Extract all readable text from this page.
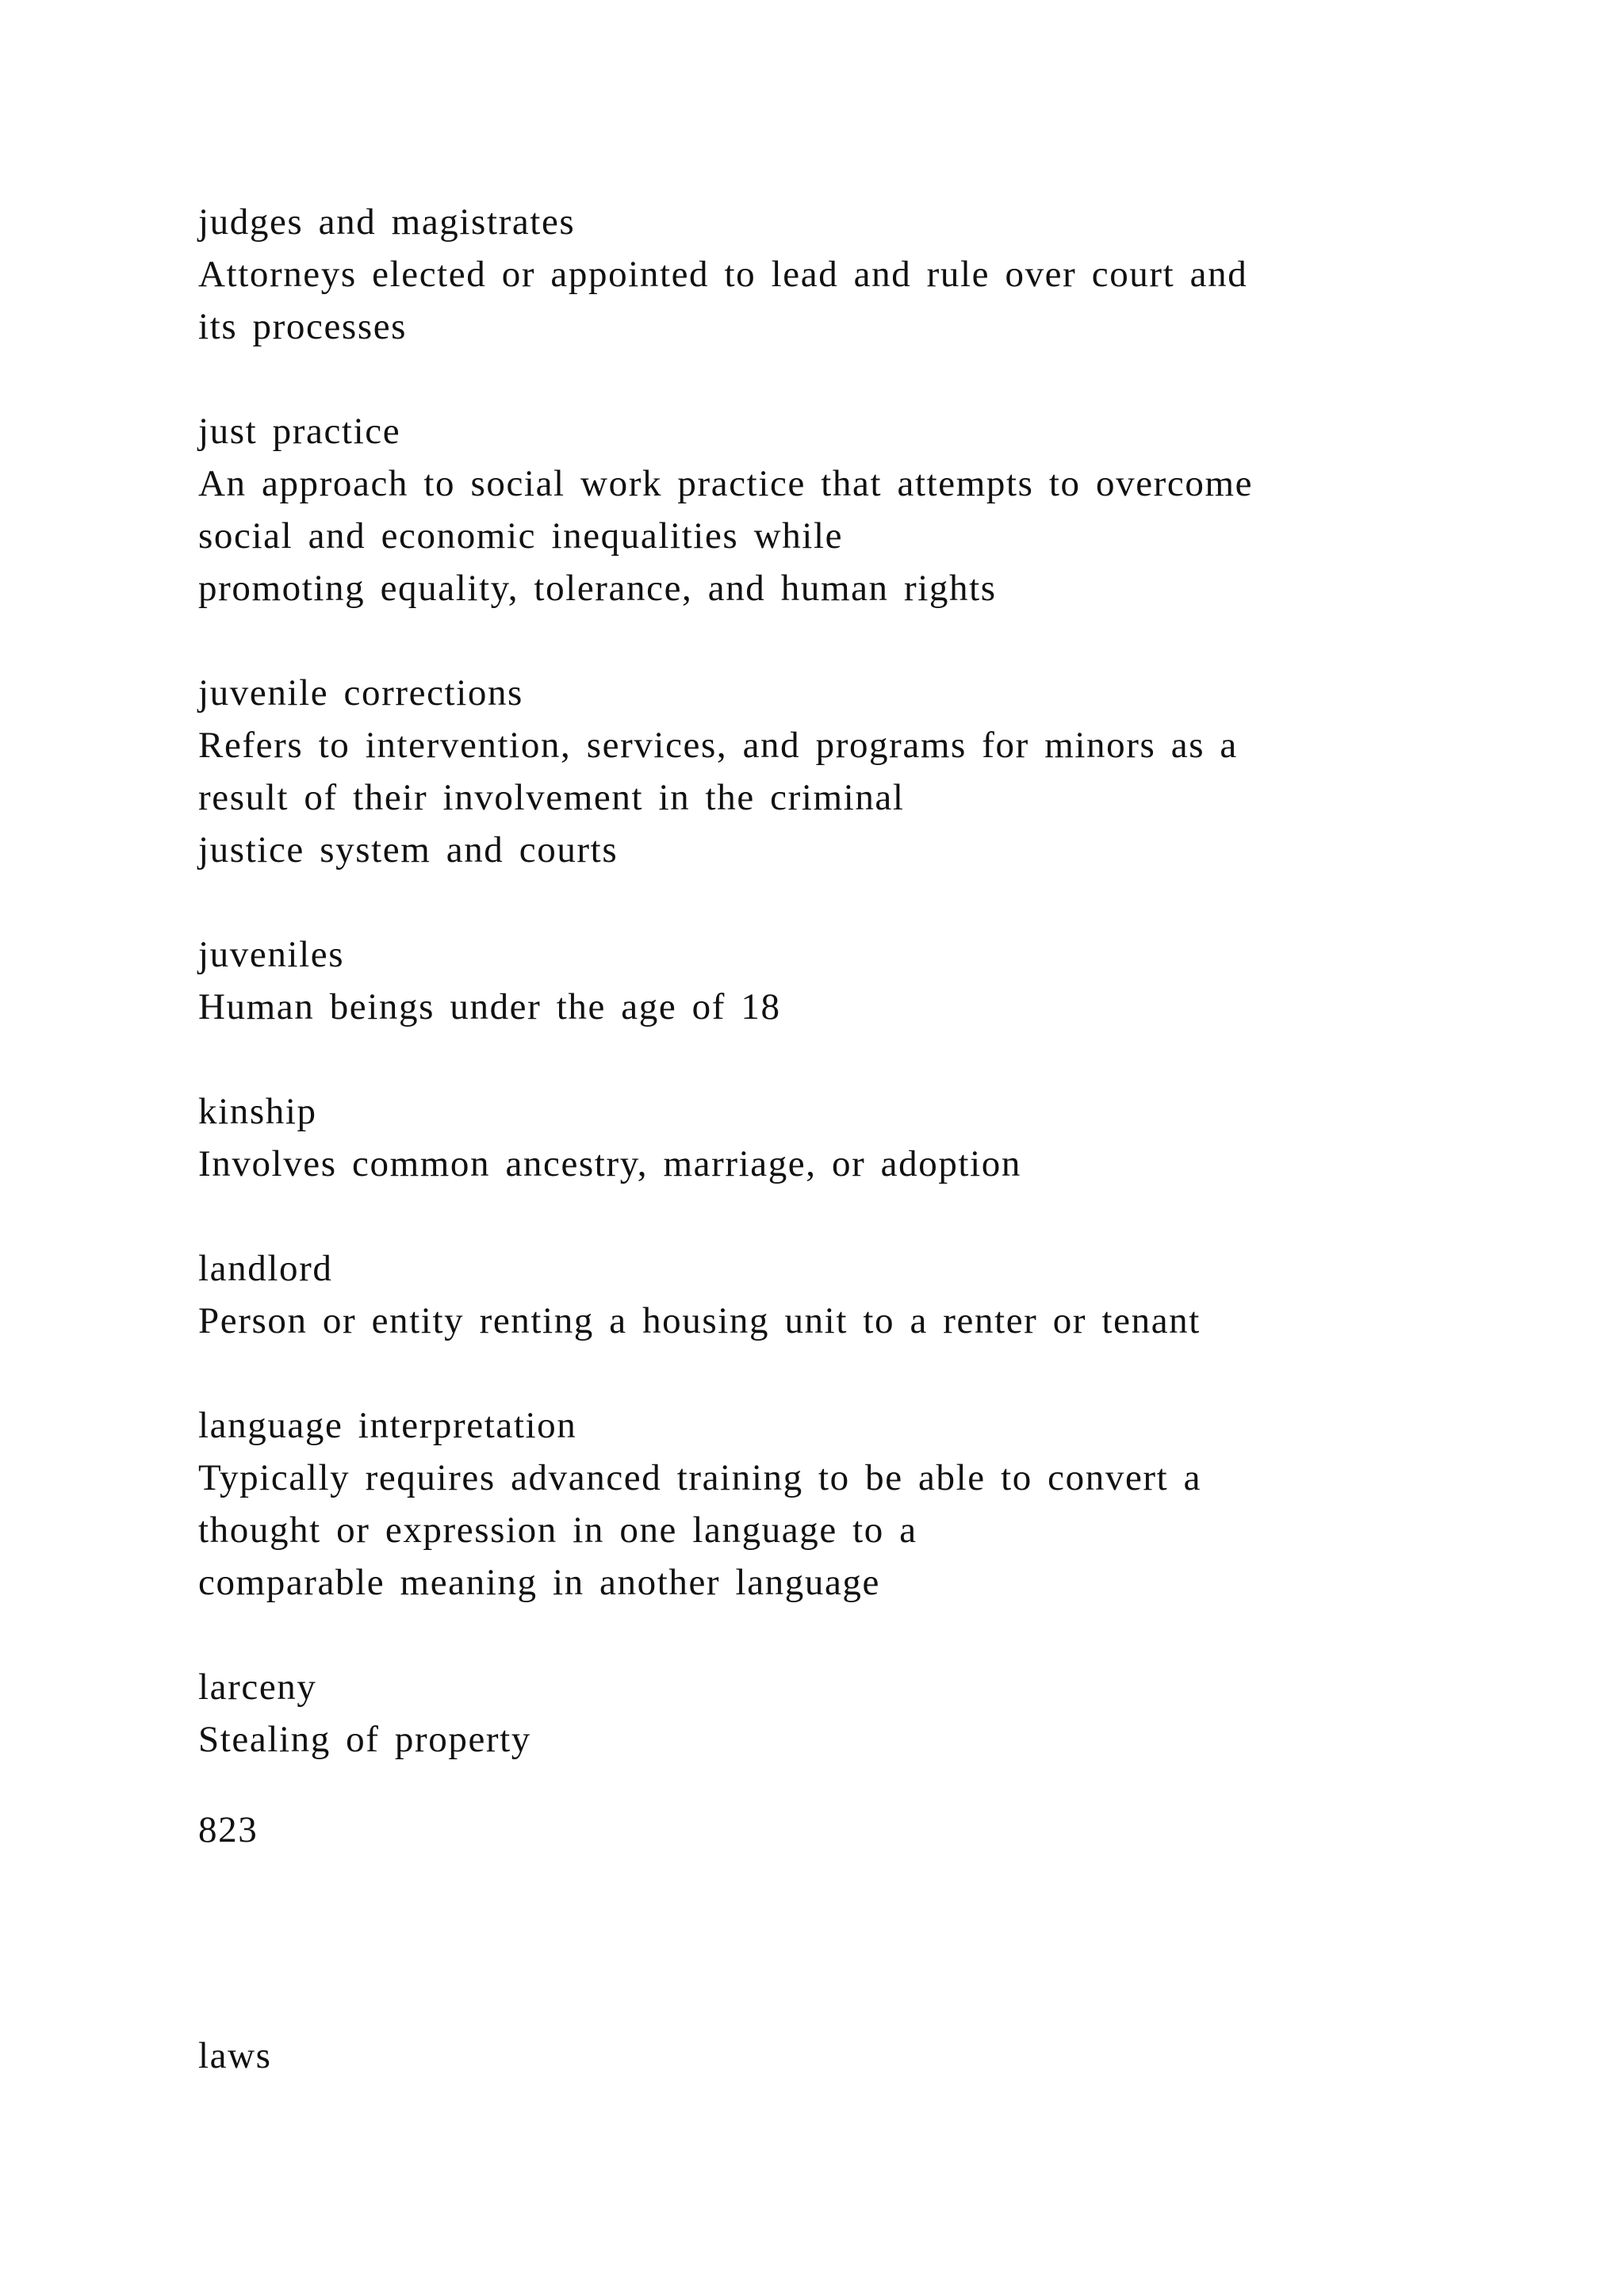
judges and magistrates
Attorneys elected or appointed to lead and rule over court and
its processes
just practice
An approach to social work practice that attempts to overcome
social and economic inequalities while
promoting equality, tolerance, and human rights
juvenile corrections
Refers to intervention, services, and programs for minors as a
result of their involvement in the criminal
justice system and courts
juveniles
Human beings under the age of 18
kinship
Involves common ancestry, marriage, or adoption
landlord
Person or entity renting a housing unit to a renter or tenant
language interpretation
Typically requires advanced training to be able to convert a
thought or expression in one language to a
comparable meaning in another language
larceny
Stealing of property
823
laws
